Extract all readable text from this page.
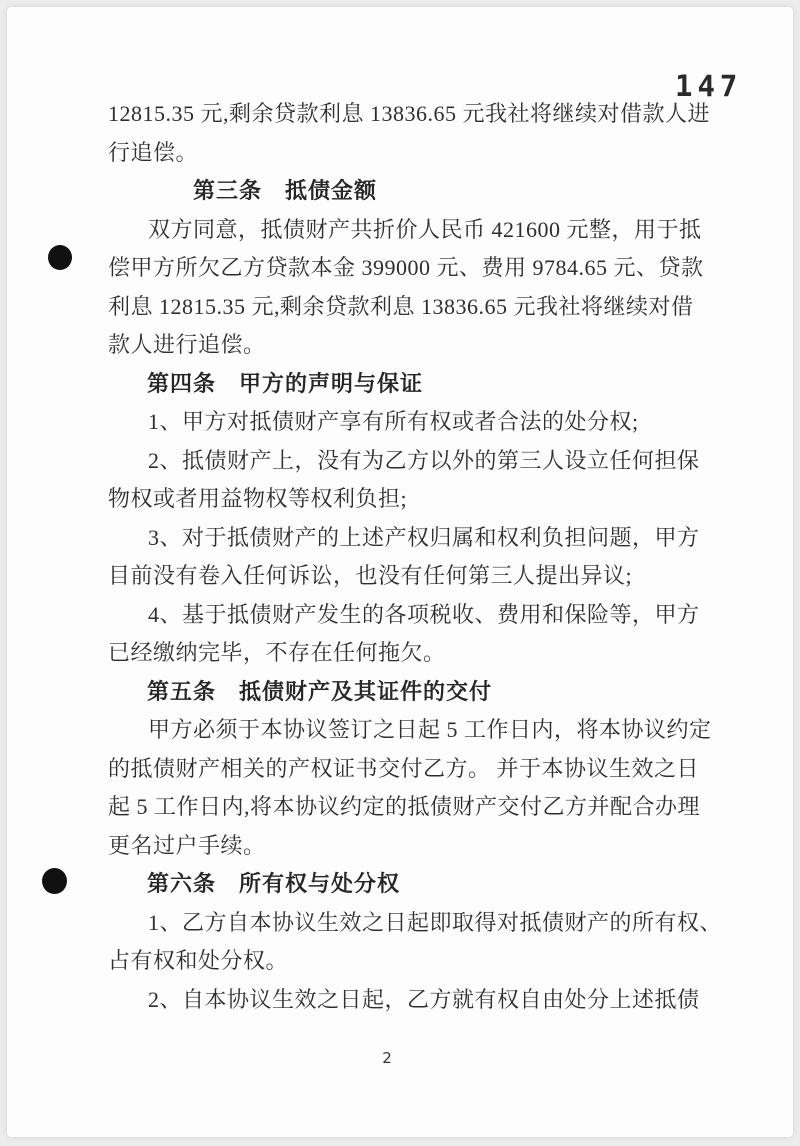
147
12815.35 元,剩余贷款利息 13836.65 元我社将继续对借款人进
行追偿。
第三条　抵债金额
双方同意，抵债财产共折价人民币 421600 元整，用于抵
偿甲方所欠乙方贷款本金 399000 元、费用 9784.65 元、贷款
利息 12815.35 元,剩余贷款利息 13836.65 元我社将继续对借
款人进行追偿。
第四条　甲方的声明与保证
1、甲方对抵债财产享有所有权或者合法的处分权;
2、抵债财产上，没有为乙方以外的第三人设立任何担保
物权或者用益物权等权利负担;
3、对于抵债财产的上述产权归属和权利负担问题，甲方
目前没有卷入任何诉讼，也没有任何第三人提出异议;
4、基于抵债财产发生的各项税收、费用和保险等，甲方
已经缴纳完毕，不存在任何拖欠。
第五条　抵债财产及其证件的交付
甲方必须于本协议签订之日起 5 工作日内，将本协议约定
的抵债财产相关的产权证书交付乙方。 并于本协议生效之日
起 5 工作日内,将本协议约定的抵债财产交付乙方并配合办理
更名过户手续。
第六条　所有权与处分权
1、乙方自本协议生效之日起即取得对抵债财产的所有权、
占有权和处分权。
2、自本协议生效之日起，乙方就有权自由处分上述抵债
2
